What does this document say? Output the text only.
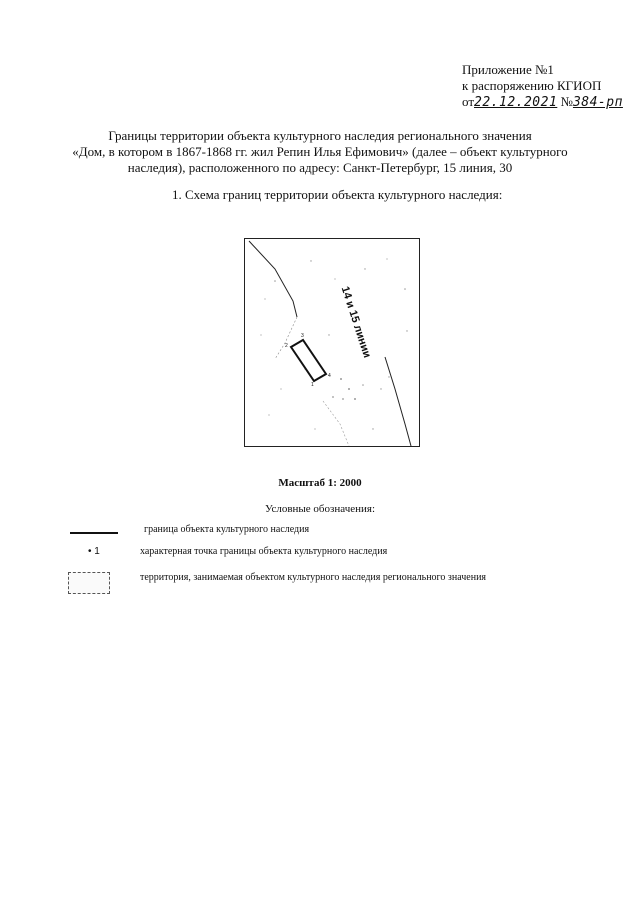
Приложение №1
к распоряжению КГИОП
от22.12.2021 №384-рп
Границы территории объекта культурного наследия регионального значения
«Дом, в котором в 1867-1868 гг. жил Репин Илья Ефимович» (далее – объект культурного
наследия), расположенного по адресу: Санкт-Петербург, 15 линия, 30
1. Схема границ территории объекта культурного наследия:
1
2
3
4
14 и 15 линии
Масштаб 1: 2000
Условные обозначения:
граница объекта культурного наследия
• 1	характерная точка границы объекта культурного наследия
территория, занимаемая объектом культурного наследия регионального значения
